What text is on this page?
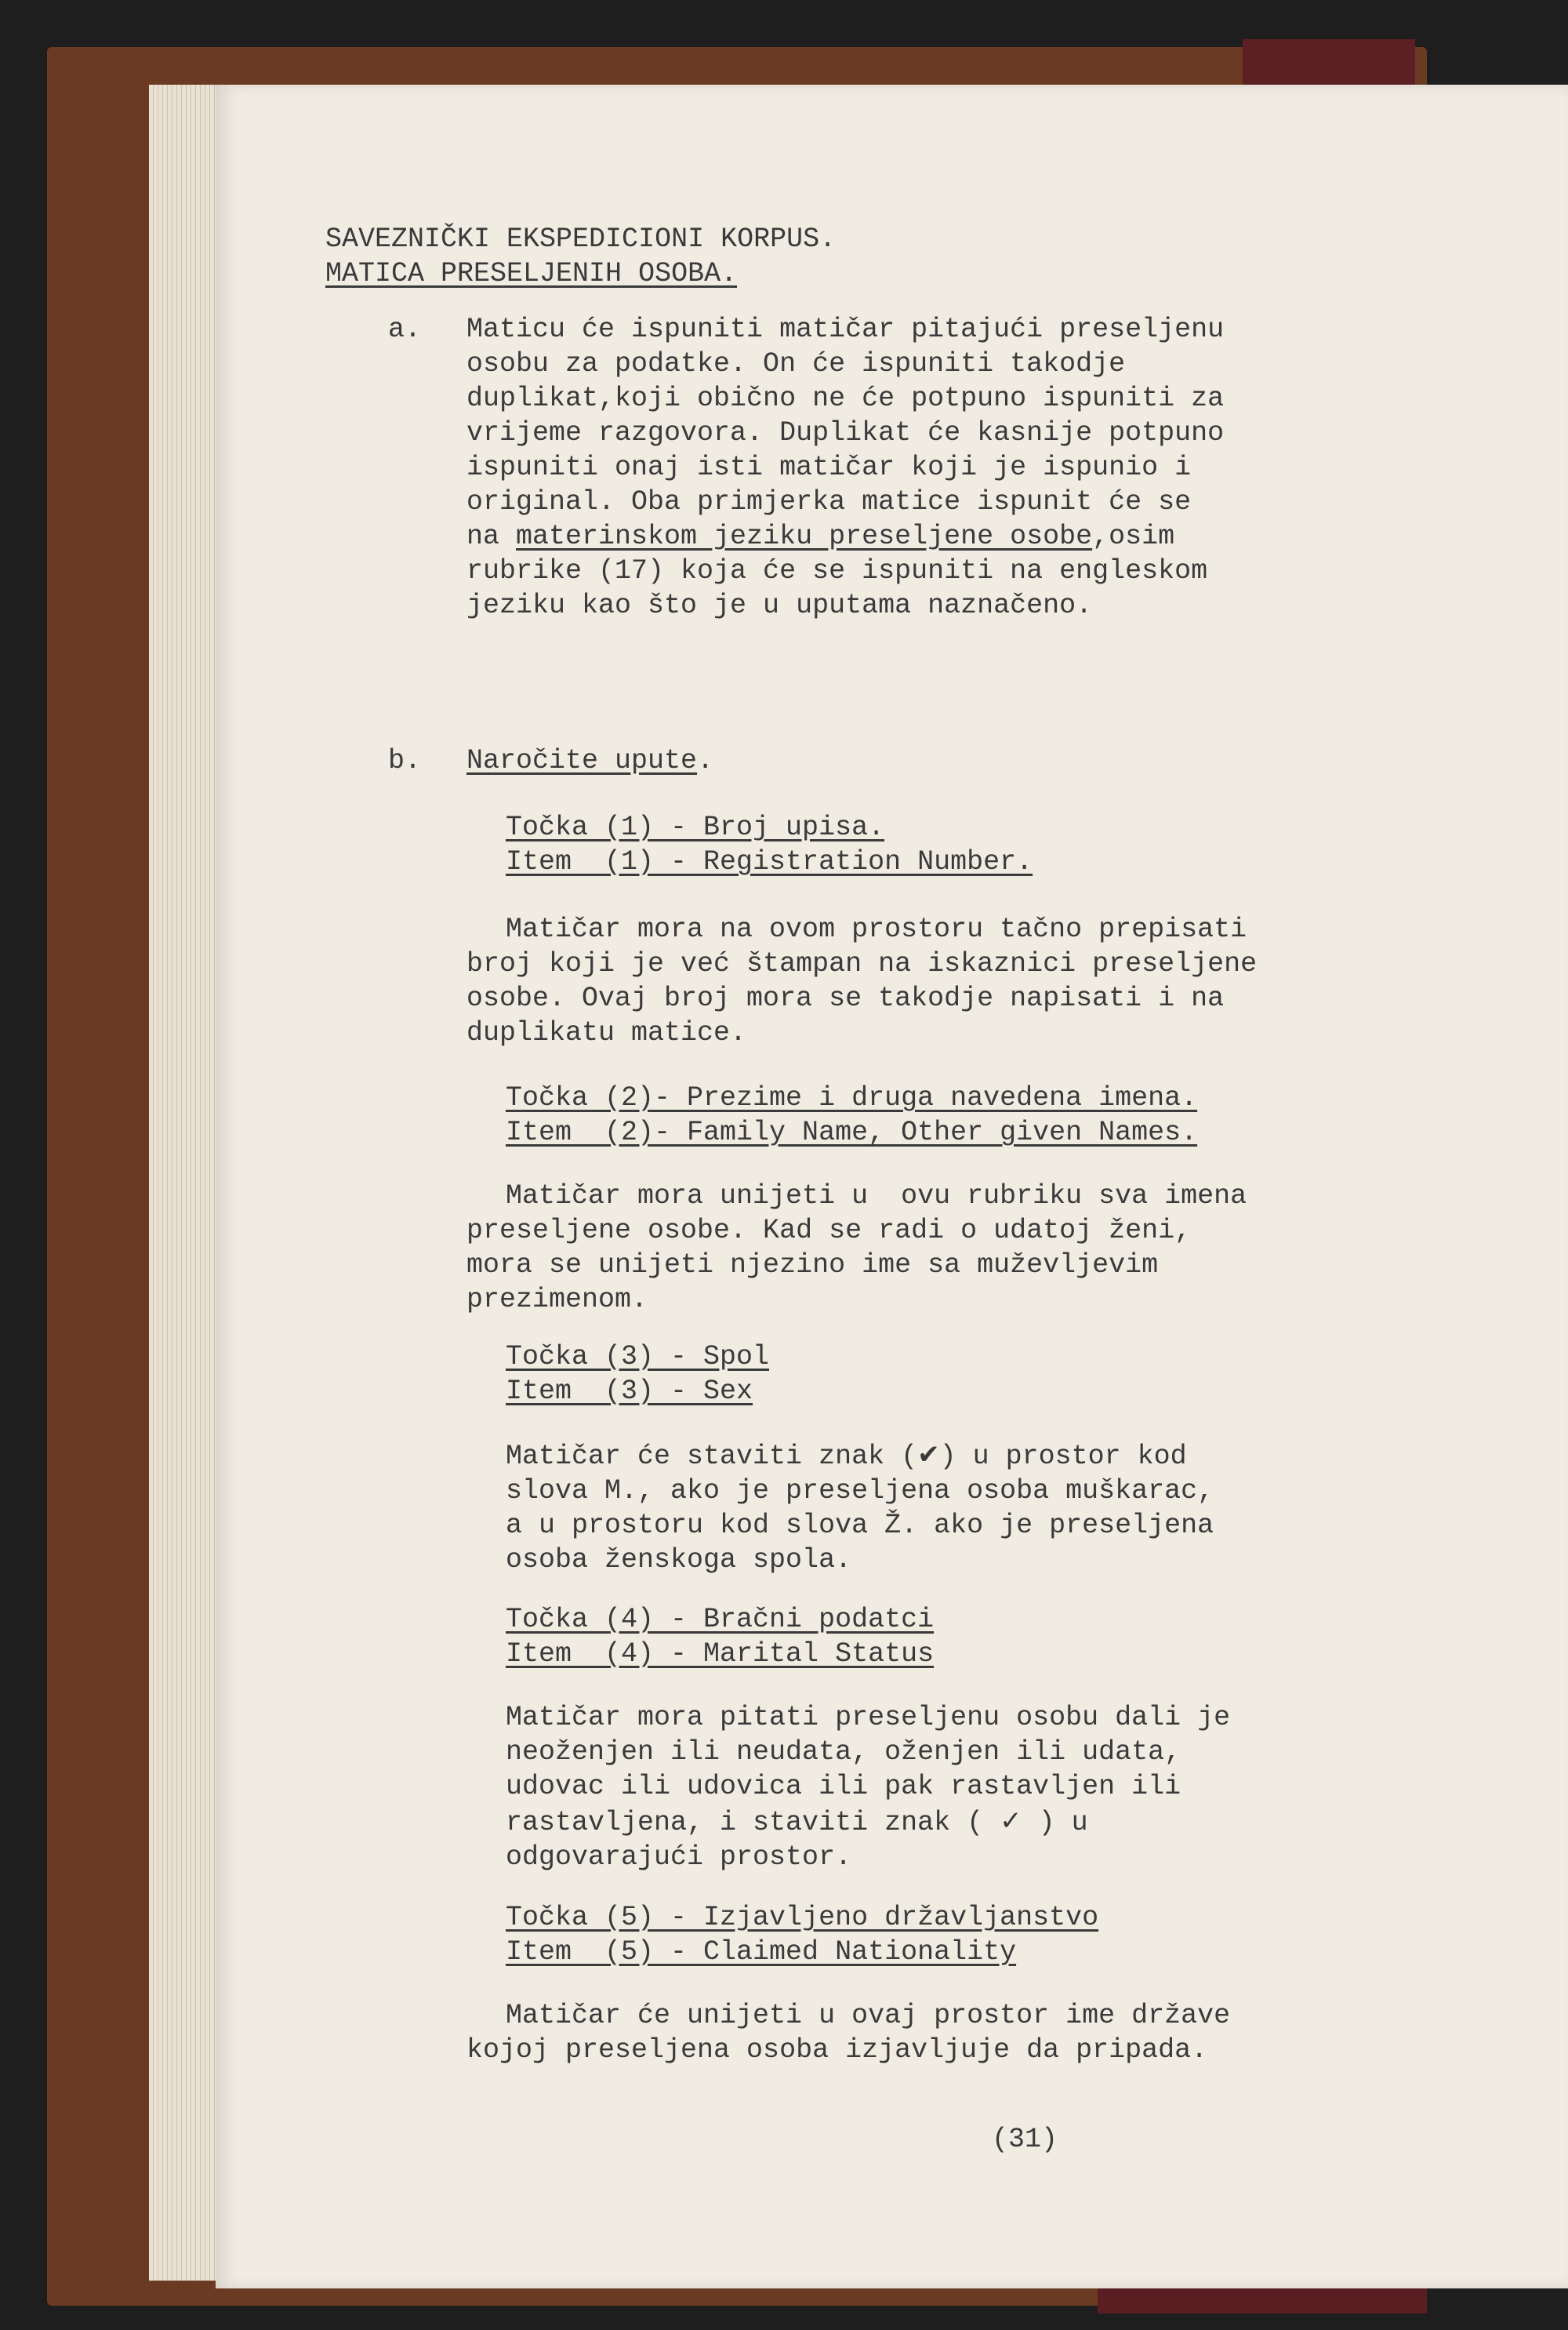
SAVEZNIČKI EKSPEDICIONI KORPUS.
MATICA PRESELJENIH OSOBA.
a. Maticu će ispuniti matičar pitajući preseljenu
osobu za podatke. On će ispuniti takodje
duplikat,koji obično ne će potpuno ispuniti za
vrijeme razgovora. Duplikat će kasnije potpuno
ispuniti onaj isti matičar koji je ispunio i
original. Oba primjerka matice ispunit će se
na materinskom jeziku preseljene osobe,osim
rubrike (17) koja će se ispuniti na engleskom
jeziku kao što je u uputama naznačeno.
b. Naročite upute.
Točka (1) - Broj upisa.
Item  (1) - Registration Number.
Matičar mora na ovom prostoru tačno prepisati
broj koji je već štampan na iskaznici preseljene
osobe. Ovaj broj mora se takodje napisati i na
duplikatu matice.
Točka (2)- Prezime i druga navedena imena.
Item  (2)- Family Name, Other given Names.
Matičar mora unijeti u  ovu rubriku sva imena
preseljene osobe. Kad se radi o udatoj ženi,
mora se unijeti njezino ime sa muževljevim
prezimenom.
Točka (3) - Spol
Item  (3) - Sex
Matičar će staviti znak (✔) u prostor kod
slova M., ako je preseljena osoba muškarac,
a u prostoru kod slova Ž. ako je preseljena
osoba ženskoga spola.
Točka (4) - Bračni podatci
Item  (4) - Marital Status
Matičar mora pitati preseljenu osobu dali je
neoženjen ili neudata, oženjen ili udata,
udovac ili udovica ili pak rastavljen ili
rastavljena, i staviti znak ( ✓ ) u
odgovarajući prostor.
Točka (5) - Izjavljeno državljanstvo
Item  (5) - Claimed Nationality
Matičar će unijeti u ovaj prostor ime države
kojoj preseljena osoba izjavljuje da pripada.
(31)
